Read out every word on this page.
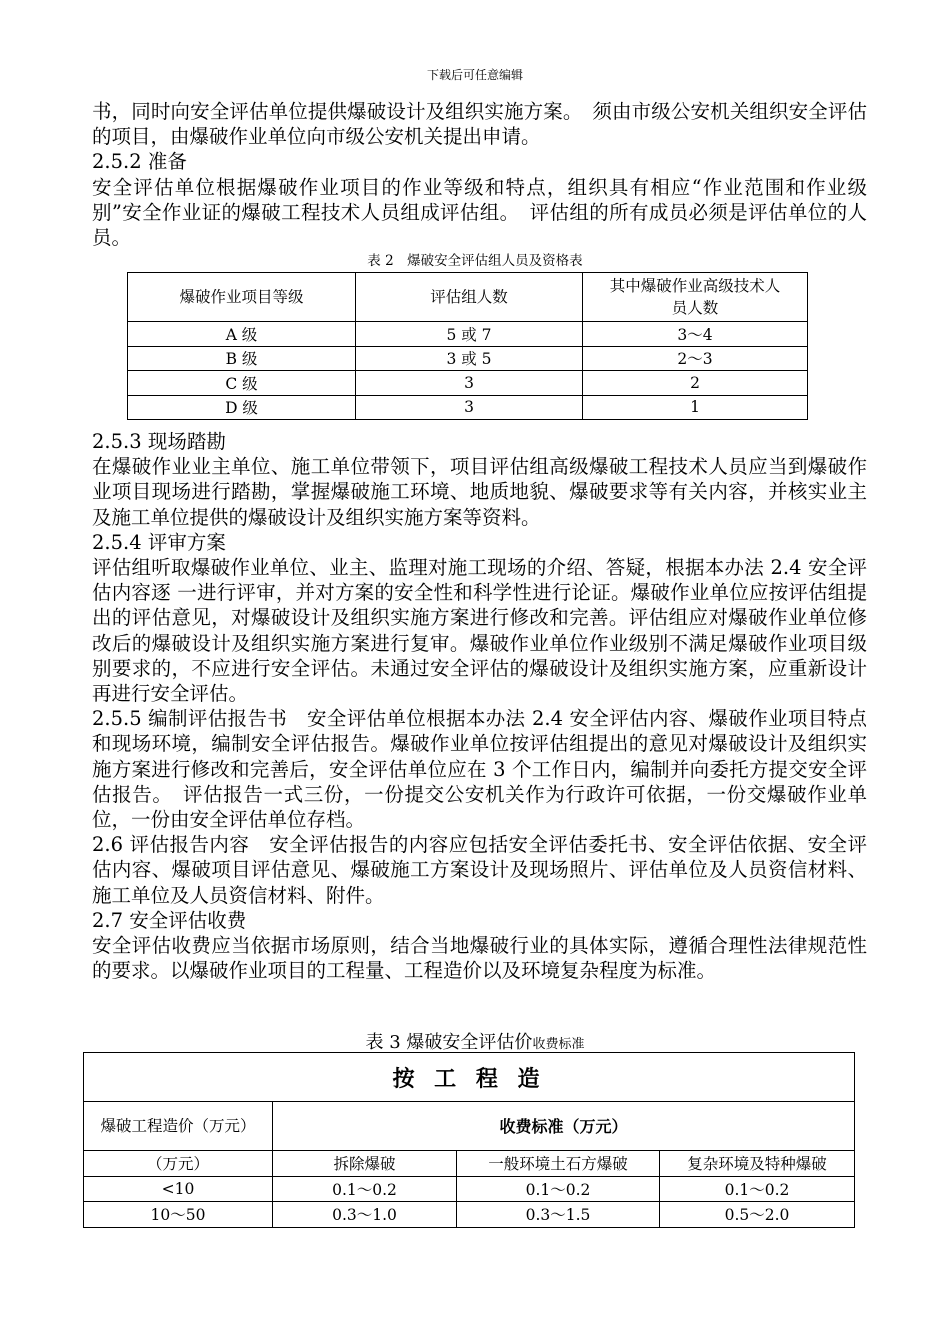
下载后可任意编辑

书，同时向安全评估单位提供爆破设计及组织实施方案。　须由市级公安机关组织安全评估的项目，由爆破作业单位向市级公安机关提出申请。

2.5.2 准备

安全评估单位根据爆破作业项目的作业等级和特点，组织具有相应“作业范围和作业级别”安全作业证的爆破工程技术人员组成评估组。　评估组的所有成员必须是评估单位的人员。

表 2　爆破安全评估组人员及资格表
爆破作业项目等级	评估组人数	其中爆破作业高级技术人员人数
A 级	5 或 7	3～4
B 级	3 或 5	2～3
C 级	3	2
D 级	3	1

2.5.3 现场踏勘

在爆破作业业主单位、施工单位带领下，项目评估组高级爆破工程技术人员应当到爆破作业项目现场进行踏勘，掌握爆破施工环境、地质地貌、爆破要求等有关内容，并核实业主及施工单位提供的爆破设计及组织实施方案等资料。

2.5.4 评审方案

评估组听取爆破作业单位、业主、监理对施工现场的介绍、答疑，根据本办法 2.4 安全评估内容逐 一进行评审，并对方案的安全性和科学性进行论证。爆破作业单位应按评估组提出的评估意见，对爆破设计及组织实施方案进行修改和完善。评估组应对爆破作业单位修改后的爆破设计及组织实施方案进行复审。爆破作业单位作业级别不满足爆破作业项目级别要求的，不应进行安全评估。未通过安全评估的爆破设计及组织实施方案，应重新设计再进行安全评估。

2.5.5 编制评估报告书　安全评估单位根据本办法 2.4 安全评估内容、爆破作业项目特点和现场环境，编制安全评估报告。爆破作业单位按评估组提出的意见对爆破设计及组织实施方案进行修改和完善后，安全评估单位应在 3 个工作日内，编制并向委托方提交安全评估报告。　评估报告一式三份，一份提交公安机关作为行政许可依据，一份交爆破作业单位，一份由安全评估单位存档。

2.6 评估报告内容　安全评估报告的内容应包括安全评估委托书、安全评估依据、安全评估内容、爆破项目评估意见、爆破施工方案设计及现场照片、评估单位及人员资信材料、施工单位及人员资信材料、附件。

2.7 安全评估收费

安全评估收费应当依据市场原则，结合当地爆破行业的具体实际，遵循合理性法律规范性的要求。以爆破作业项目的工程量、工程造价以及环境复杂程度为标准。

表 3 爆破安全评估价收费标准
按 工 程 造			
爆破工程造价（万元）	收费标准（万元）		
（万元）	拆除爆破	一般环境土石方爆破	复杂环境及特种爆破
<10	0.1～0.2	0.1～0.2	0.1～0.2
10～50	0.3～1.0	0.3～1.5	0.5～2.0
